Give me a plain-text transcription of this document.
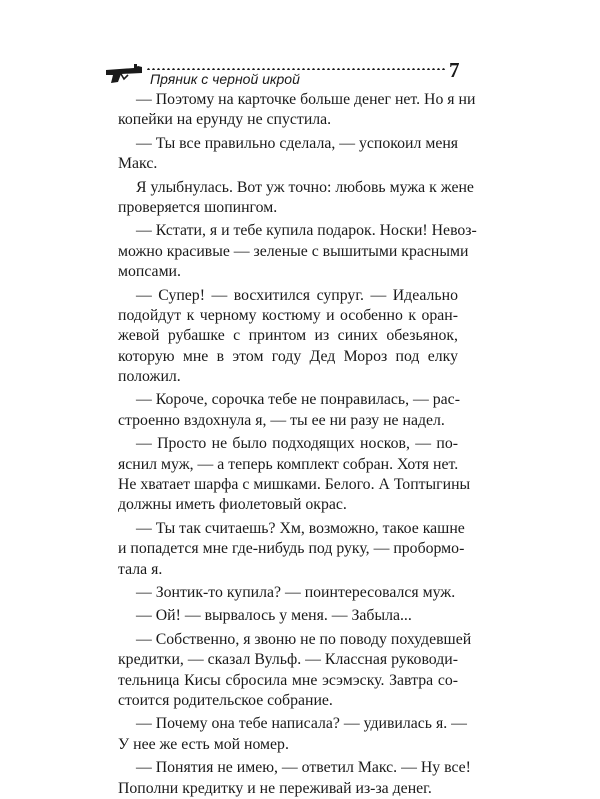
Пряник с черной икрой	7
— Поэтому на карточке больше денег нет. Но я ни
копейки на ерунду не спустила.
— Ты все правильно сделала, — успокоил меня
Макс.
Я улыбнулась. Вот уж точно: любовь мужа к жене
проверяется шопингом.
— Кстати, я и тебе купила подарок. Носки! Невоз-
можно красивые — зеленые с вышитыми красными
мопсами.
— Супер! — восхитился супруг. — Идеально
подойдут к черному костюму и особенно к оран-
жевой рубашке с принтом из синих обезьянок,
которую мне в этом году Дед Мороз под елку
положил.
— Короче, сорочка тебе не понравилась, — рас-
строенно вздохнула я, — ты ее ни разу не надел.
— Просто не было подходящих носков, — по-
яснил муж, — а теперь комплект собран. Хотя нет.
Не хватает шарфа с мишками. Белого. А Топтыгины
должны иметь фиолетовый окрас.
— Ты так считаешь? Хм, возможно, такое кашне
и попадется мне где-нибудь под руку, — пробормо-
тала я.
— Зонтик-то купила? — поинтересовался муж.
— Ой! — вырвалось у меня. — Забыла...
— Собственно, я звоню не по поводу похудевшей
кредитки, — сказал Вульф. — Классная руководи-
тельница Кисы сбросила мне эсэмэску. Завтра со-
стоится родительское собрание.
— Почему она тебе написала? — удивилась я. —
У нее же есть мой номер.
— Понятия не имею, — ответил Макс. — Ну все!
Пополни кредитку и не переживай из-за денег.
